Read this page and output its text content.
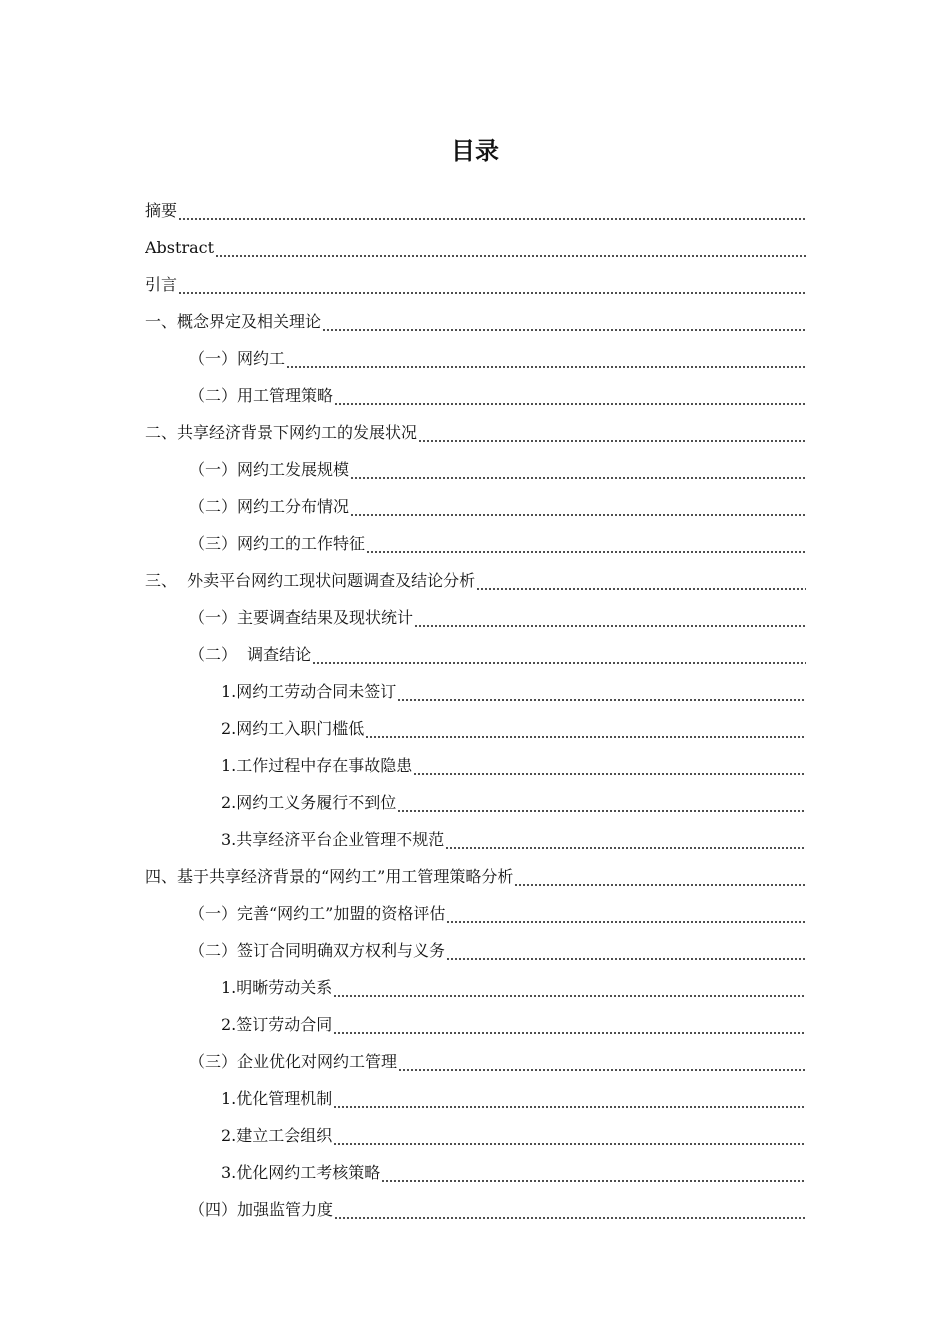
目录
摘要
Abstract
引言
一、概念界定及相关理论
（一）网约工
（二）用工管理策略
二、共享经济背景下网约工的发展状况
（一）网约工发展规模
（二）网约工分布情况
（三）网约工的工作特征
三、  外卖平台网约工现状问题调查及结论分析
（一）主要调查结果及现状统计
（二）  调查结论
1.网约工劳动合同未签订
2.网约工入职门槛低
1.工作过程中存在事故隐患
2.网约工义务履行不到位
3.共享经济平台企业管理不规范
四、基于共享经济背景的“网约工”用工管理策略分析
（一）完善“网约工”加盟的资格评估
（二）签订合同明确双方权利与义务
1.明晰劳动关系
2.签订劳动合同
（三）企业优化对网约工管理
1.优化管理机制
2.建立工会组织
3.优化网约工考核策略
（四）加强监管力度
